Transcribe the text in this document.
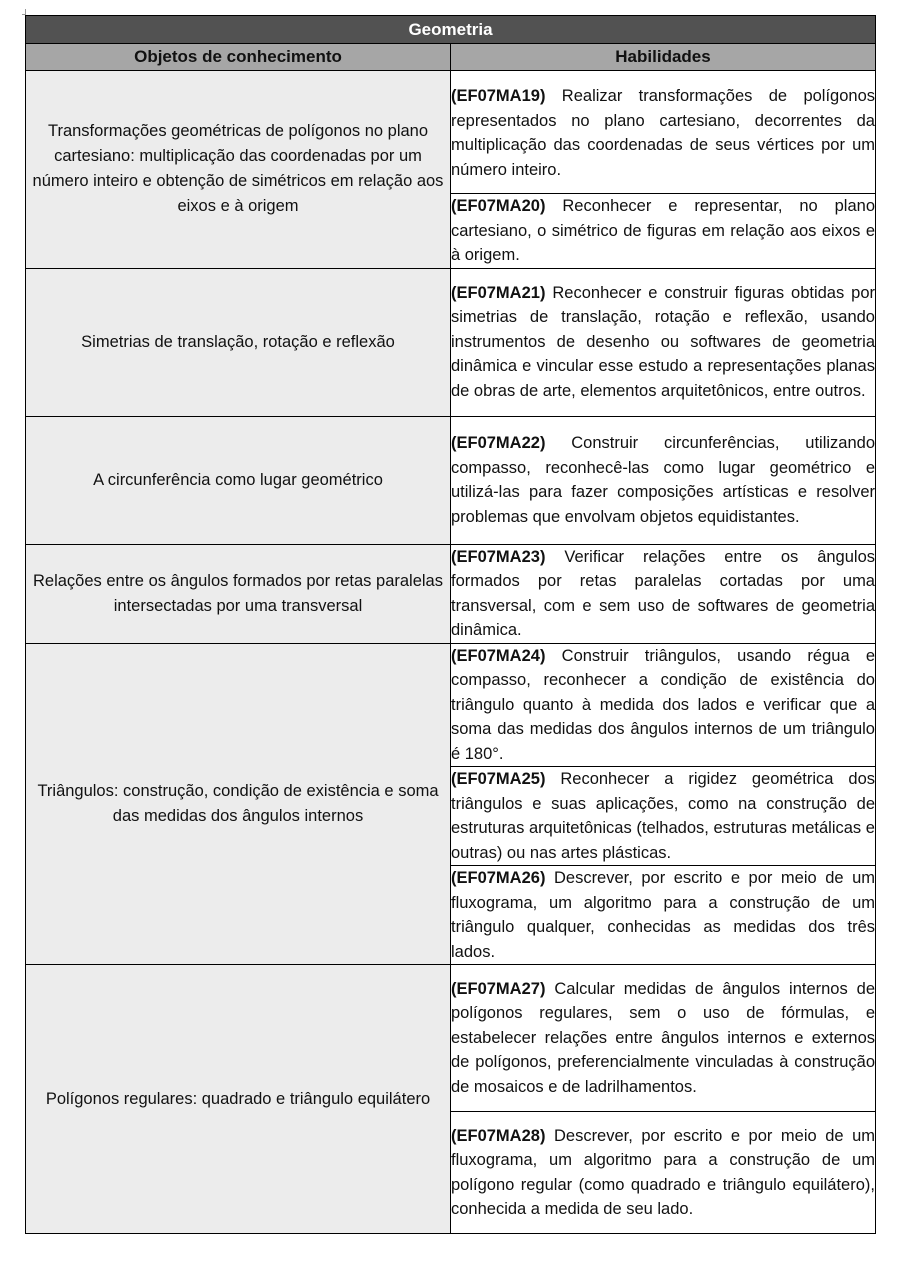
Geometria	
Objetos de conhecimento	Habilidades
Transformações geométricas de polígonos no plano cartesiano: multiplicação das coordenadas por um número inteiro e obtenção de simétricos em relação aos eixos e à origem	(EF07MA19) Realizar transformações de polígonos representados no plano cartesiano, decorrentes da multiplicação das coordenadas de seus vértices por um número inteiro.
	(EF07MA20) Reconhecer e representar, no plano cartesiano, o simétrico de figuras em relação aos eixos e à origem.
Simetrias de translação, rotação e reflexão	(EF07MA21) Reconhecer e construir figuras obtidas por simetrias de translação, rotação e reflexão, usando instrumentos de desenho ou softwares de geometria dinâmica e vincular esse estudo a representações planas de obras de arte, elementos arquitetônicos, entre outros.
A circunferência como lugar geométrico	(EF07MA22) Construir circunferências, utilizando compasso, reconhecê-las como lugar geométrico e utilizá-las para fazer composições artísticas e resolver problemas que envolvam objetos equidistantes.
Relações entre os ângulos formados por retas paralelas intersectadas por uma transversal	(EF07MA23) Verificar relações entre os ângulos formados por retas paralelas cortadas por uma transversal, com e sem uso de softwares de geometria dinâmica.
Triângulos: construção, condição de existência e soma das medidas dos ângulos internos	(EF07MA24) Construir triângulos, usando régua e compasso, reconhecer a condição de existência do triângulo quanto à medida dos lados e verificar que a soma das medidas dos ângulos internos de um triângulo é 180°.
	(EF07MA25) Reconhecer a rigidez geométrica dos triângulos e suas aplicações, como na construção de estruturas arquitetônicas (telhados, estruturas metálicas e outras) ou nas artes plásticas.
	(EF07MA26) Descrever, por escrito e por meio de um fluxograma, um algoritmo para a construção de um triângulo qualquer, conhecidas as medidas dos três lados.
Polígonos regulares: quadrado e triângulo equilátero	(EF07MA27) Calcular medidas de ângulos internos de polígonos regulares, sem o uso de fórmulas, e estabelecer relações entre ângulos internos e externos de polígonos, preferencialmente vinculadas à construção de mosaicos e de ladrilhamentos.
	(EF07MA28) Descrever, por escrito e por meio de um fluxograma, um algoritmo para a construção de um polígono regular (como quadrado e triângulo equilátero), conhecida a medida de seu lado.
